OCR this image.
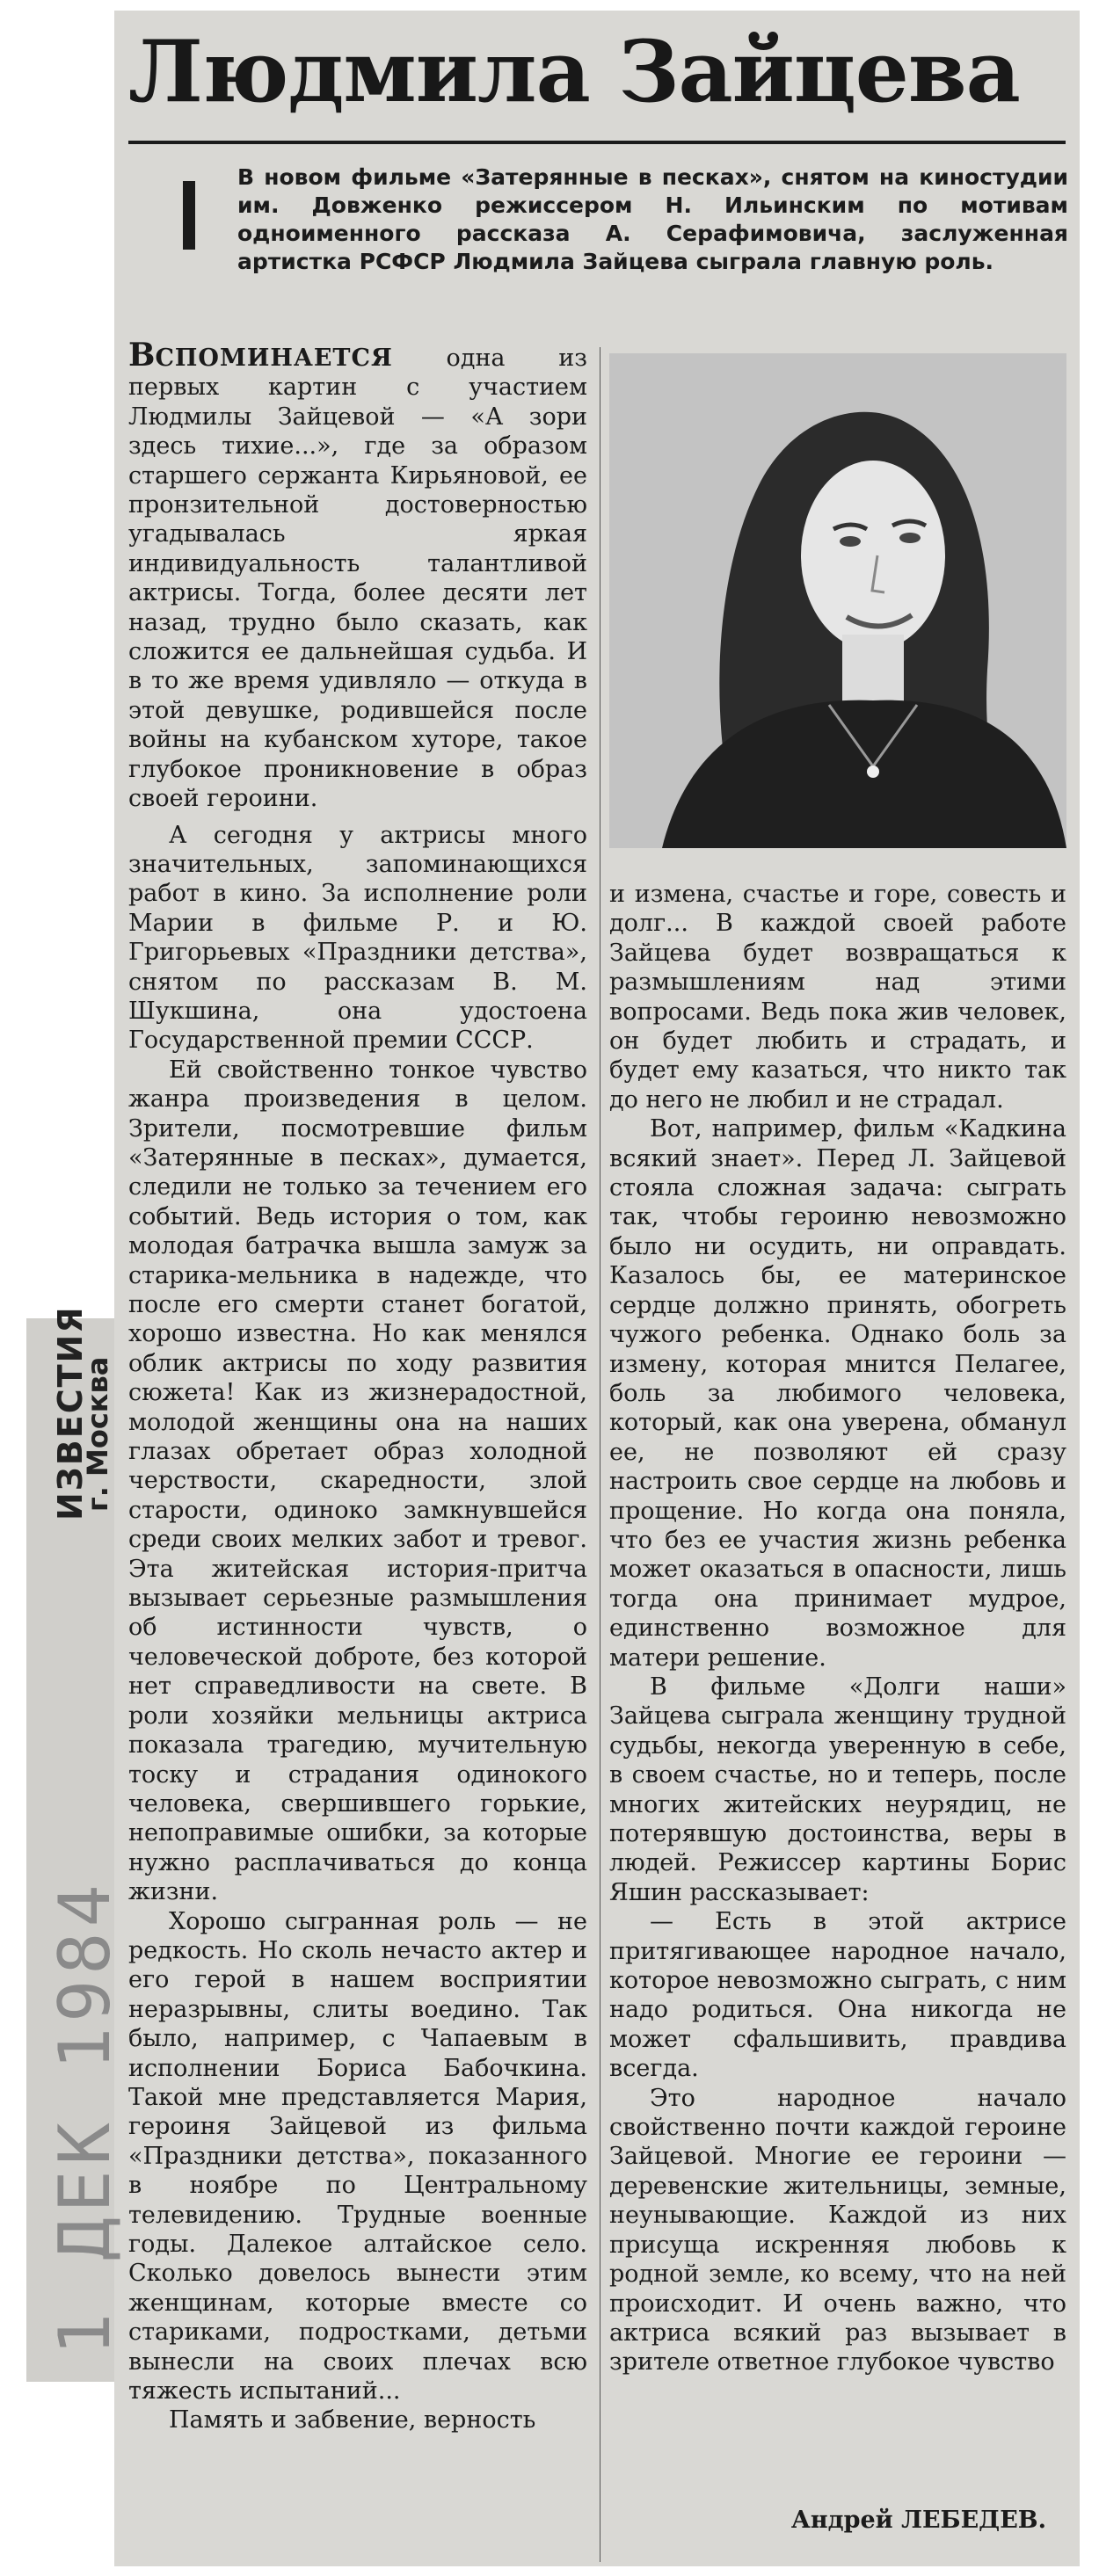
Людмила Зайцева
В новом фильме «Затерянные в песках», снятом на киностудии им. Довженко режиссером Н. Ильинским по мотивам одноименного рассказа А. Серафимовича, заслуженная артистка РСФСР Людмила Зайцева сыграла главную роль.

ВСПОМИНАЕТСЯ одна из первых картин с участием Людмилы Зайцевой — «А зори здесь тихие...», где за образом старшего сержанта Кирьяновой, ее пронзительной достоверностью угадывалась яркая индивидуальность талантливой актрисы. Тогда, более десяти лет назад, трудно было сказать, как сложится ее дальнейшая судьба. И в то же время удивляло — откуда в этой девушке, родившейся после войны на кубанском хуторе, такое глубокое проникновение в образ своей героини.

А сегодня у актрисы много значительных, запоминающихся работ в кино. За исполнение роли Марии в фильме Р. и Ю. Григорьевых «Праздники детства», снятом по рассказам В. М. Шукшина, она удостоена Государственной премии СССР.

Ей свойственно тонкое чувство жанра произведения в целом. Зрители, посмотревшие фильм «Затерянные в песках», думается, следили не только за течением его событий. Ведь история о том, как молодая батрачка вышла замуж за старика-мельника в надежде, что после его смерти станет богатой, хорошо известна. Но как менялся облик актрисы по ходу развития сюжета! Как из жизнерадостной, молодой женщины она на наших глазах обретает образ холодной черствости, скаредности, злой старости, одиноко замкнувшейся среди своих мелких забот и тревог. Эта житейская история-притча вызывает серьезные размышления об истинности чувств, о человеческой доброте, без которой нет справедливости на свете. В роли хозяйки мельницы актриса показала трагедию, мучительную тоску и страдания одинокого человека, свершившего горькие, непоправимые ошибки, за которые нужно расплачиваться до конца жизни.

Хорошо сыгранная роль — не редкость. Но сколь нечасто актер и его герой в нашем восприятии неразрывны, слиты воедино. Так было, например, с Чапаевым в исполнении Бориса Бабочкина. Такой мне представляется Мария, героиня Зайцевой из фильма «Праздники детства», показанного в ноябре по Центральному телевидению. Трудные военные годы. Далекое алтайское село. Сколько довелось вынести этим женщинам, которые вместе со стариками, подростками, детьми вынесли на своих плечах всю тяжесть испытаний...

Память и забвение, верность

и измена, счастье и горе, совесть и долг... В каждой своей работе Зайцева будет возвращаться к размышлениям над этими вопросами. Ведь пока жив человек, он будет любить и страдать, и будет ему казаться, что никто так до него не любил и не страдал.

Вот, например, фильм «Кадкина всякий знает». Перед Л. Зайцевой стояла сложная задача: сыграть так, чтобы героиню невозможно было ни осудить, ни оправдать. Казалось бы, ее материнское сердце должно принять, обогреть чужого ребенка. Однако боль за измену, которая мнится Пелагее, боль за любимого человека, который, как она уверена, обманул ее, не позволяют ей сразу настроить свое сердце на любовь и прощение. Но когда она поняла, что без ее участия жизнь ребенка может оказаться в опасности, лишь тогда она принимает мудрое, единственно возможное для матери решение.

В фильме «Долги наши» Зайцева сыграла женщину трудной судьбы, некогда уверенную в себе, в своем счастье, но и теперь, после многих житейских неурядиц, не потерявшую достоинства, веры в людей. Режиссер картины Борис Яшин рассказывает:

— Есть в этой актрисе притягивающее народное начало, которое невозможно сыграть, с ним надо родиться. Она никогда не может сфальшивить, правдива всегда.

Это народное начало свойственно почти каждой героине Зайцевой. Многие ее героини — деревенские жительницы, земные, неунывающие. Каждой из них присуща искренняя любовь к родной земле, ко всему, что на ней происходит. И очень важно, что актриса всякий раз вызывает в зрителе ответное глубокое чувство

Андрей ЛЕБЕДЕВ.
ИЗВЕСТИЯ
г. Москва
1 ДЕК 1984
